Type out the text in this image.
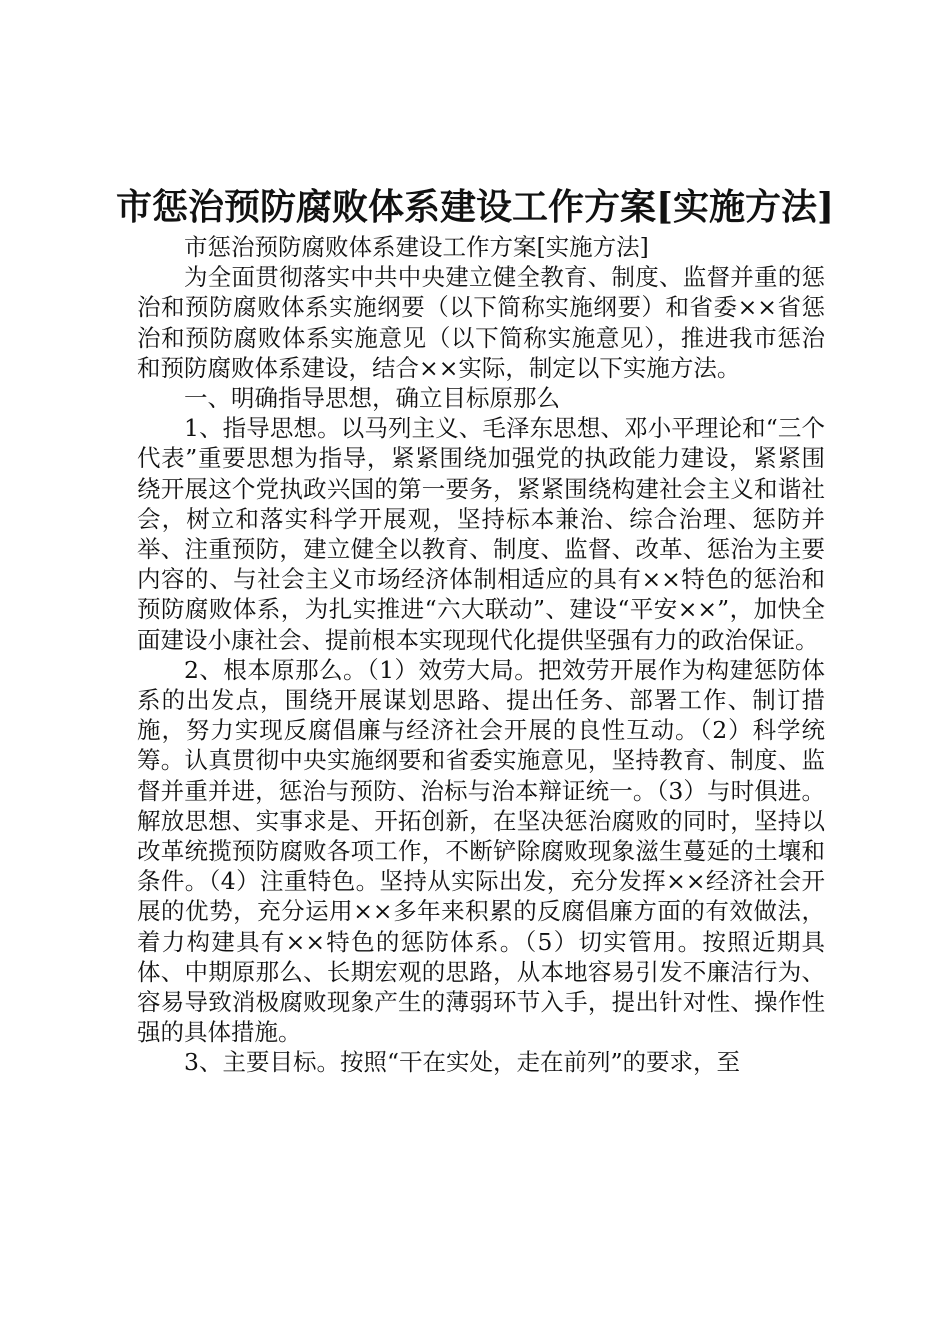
市惩治预防腐败体系建设工作方案[实施方法]

市惩治预防腐败体系建设工作方案[实施方法]

为全面贯彻落实中共中央建立健全教育、制度、监督并重的惩治和预防腐败体系实施纲要（以下简称实施纲要）和省委××省惩治和预防腐败体系实施意见（以下简称实施意见），推进我市惩治和预防腐败体系建设，结合××实际，制定以下实施方法。

一、明确指导思想，确立目标原那么

1、指导思想。以马列主义、毛泽东思想、邓小平理论和“三个代表”重要思想为指导，紧紧围绕加强党的执政能力建设，紧紧围绕开展这个党执政兴国的第一要务，紧紧围绕构建社会主义和谐社会，树立和落实科学开展观，坚持标本兼治、综合治理、惩防并举、注重预防，建立健全以教育、制度、监督、改革、惩治为主要内容的、与社会主义市场经济体制相适应的具有××特色的惩治和预防腐败体系，为扎实推进“六大联动”、建设“平安××”，加快全面建设小康社会、提前根本实现现代化提供坚强有力的政治保证。

2、根本原那么。（1）效劳大局。把效劳开展作为构建惩防体系的出发点，围绕开展谋划思路、提出任务、部署工作、制订措施，努力实现反腐倡廉与经济社会开展的良性互动。（2）科学统筹。认真贯彻中央实施纲要和省委实施意见，坚持教育、制度、监督并重并进，惩治与预防、治标与治本辩证统一。（3）与时俱进。解放思想、实事求是、开拓创新，在坚决惩治腐败的同时，坚持以改革统揽预防腐败各项工作，不断铲除腐败现象滋生蔓延的土壤和条件。（4）注重特色。坚持从实际出发，充分发挥××经济社会开展的优势，充分运用××多年来积累的反腐倡廉方面的有效做法，着力构建具有××特色的惩防体系。（5）切实管用。按照近期具体、中期原那么、长期宏观的思路，从本地容易引发不廉洁行为、容易导致消极腐败现象产生的薄弱环节入手，提出针对性、操作性强的具体措施。

3、主要目标。按照“干在实处，走在前列”的要求，至
